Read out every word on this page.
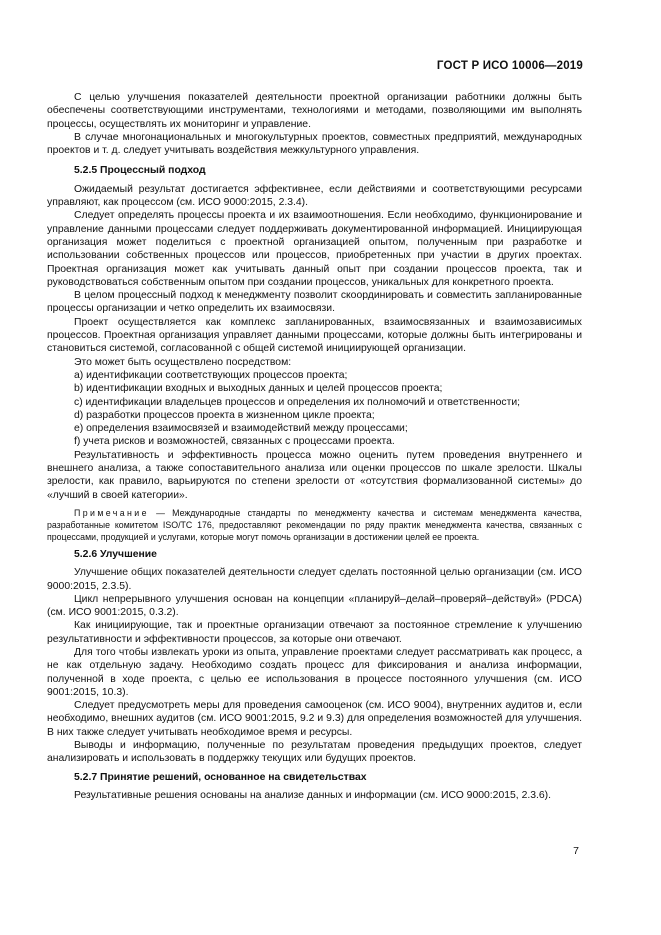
ГОСТ Р ИСО 10006—2019

С целью улучшения показателей деятельности проектной организации работники должны быть обеспечены соответствующими инструментами, технологиями и методами, позволяющими им выполнять процессы, осуществлять их мониторинг и управление.

В случае многонациональных и многокультурных проектов, совместных предприятий, международных проектов и т. д. следует учитывать воздействия межкультурного управления.

5.2.5 Процессный подход

Ожидаемый результат достигается эффективнее, если действиями и соответствующими ресурсами управляют, как процессом (см. ИСО 9000:2015, 2.3.4).

Следует определять процессы проекта и их взаимоотношения. Если необходимо, функционирование и управление данными процессами следует поддерживать документированной информацией. Инициирующая организация может поделиться с проектной организацией опытом, полученным при разработке и использовании собственных процессов или процессов, приобретенных при участии в других проектах. Проектная организация может как учитывать данный опыт при создании процессов проекта, так и руководствоваться собственным опытом при создании процессов, уникальных для конкретного проекта.

В целом процессный подход к менеджменту позволит скоординировать и совместить запланированные процессы организации и четко определить их взаимосвязи.

Проект осуществляется как комплекс запланированных, взаимосвязанных и взаимозависимых процессов. Проектная организация управляет данными процессами, которые должны быть интегрированы и становиться системой, согласованной с общей системой инициирующей организации.

Это может быть осуществлено посредством:

a) идентификации соответствующих процессов проекта;
b) идентификации входных и выходных данных и целей процессов проекта;
c) идентификации владельцев процессов и определения их полномочий и ответственности;
d) разработки процессов проекта в жизненном цикле проекта;
e) определения взаимосвязей и взаимодействий между процессами;
f) учета рисков и возможностей, связанных с процессами проекта.

Результативность и эффективность процесса можно оценить путем проведения внутреннего и внешнего анализа, а также сопоставительного анализа или оценки процессов по шкале зрелости. Шкалы зрелости, как правило, варьируются по степени зрелости от «отсутствия формализованной системы» до «лучший в своей категории».

Примечание — Международные стандарты по менеджменту качества и системам менеджмента качества, разработанные комитетом ISO/TC 176, предоставляют рекомендации по ряду практик менеджмента качества, связанных с процессами, продукцией и услугами, которые могут помочь организации в достижении целей ее проекта.
5.2.6 Улучшение

Улучшение общих показателей деятельности следует сделать постоянной целью организации (см. ИСО 9000:2015, 2.3.5).

Цикл непрерывного улучшения основан на концепции «планируй–делай–проверяй–действуй» (PDCA) (см. ИСО 9001:2015, 0.3.2).

Как инициирующие, так и проектные организации отвечают за постоянное стремление к улучшению результативности и эффективности процессов, за которые они отвечают.

Для того чтобы извлекать уроки из опыта, управление проектами следует рассматривать как процесс, а не как отдельную задачу. Необходимо создать процесс для фиксирования и анализа информации, полученной в ходе проекта, с целью ее использования в процессе постоянного улучшения (см. ИСО 9001:2015, 10.3).

Следует предусмотреть меры для проведения самооценок (см. ИСО 9004), внутренних аудитов и, если необходимо, внешних аудитов (см. ИСО 9001:2015, 9.2 и 9.3) для определения возможностей для улучшения. В них также следует учитывать необходимое время и ресурсы.

Выводы и информацию, полученные по результатам проведения предыдущих проектов, следует анализировать и использовать в поддержку текущих или будущих проектов.

5.2.7 Принятие решений, основанное на свидетельствах

Результативные решения основаны на анализе данных и информации (см. ИСО 9000:2015, 2.3.6).

7
